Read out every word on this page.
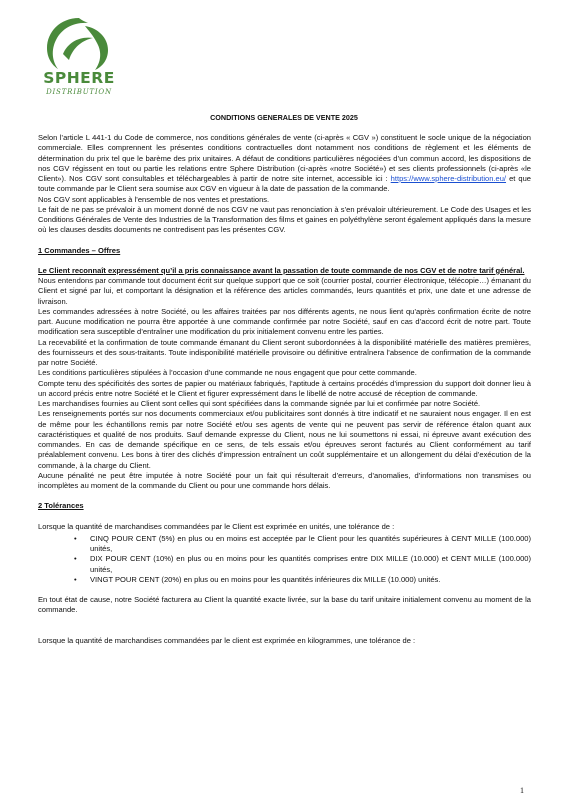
SPHERE
DISTRIBUTION
CONDITIONS GENERALES DE VENTE 2025

Selon l’article L 441-1 du Code de commerce, nos conditions générales de vente (ci-après « CGV ») constituent le socle unique de la négociation commerciale. Elles comprennent les présentes conditions contractuelles dont notamment nos conditions de règlement et les éléments de détermination du prix tel que le barème des prix unitaires. A défaut de conditions particulières négociées d’un commun accord, les dispositions de nos CGV régissent en tout ou partie les relations entre Sphere Distribution (ci-après «notre Société») et ses clients professionnels (ci-après «le Client»). Nos CGV sont consultables et téléchargeables à partir de notre site internet, accessible ici : https://www.sphere-distribution.eu/ et que toute commande par le Client sera soumise aux CGV en vigueur à la date de passation de la commande.

Nos CGV sont applicables à l’ensemble de nos ventes et prestations.

Le fait de ne pas se prévaloir à un moment donné de nos CGV ne vaut pas renonciation à s’en prévaloir ultérieurement. Le Code des Usages et les Conditions Générales de Vente des Industries de la Transformation des films et gaines en polyéthylène seront également appliqués dans la mesure où les clauses desdits documents ne contredisent pas les présentes CGV.

1 Commandes – Offres

Le Client reconnaît expressément qu’il a pris connaissance avant la passation de toute commande de nos CGV et de notre tarif général.

Nous entendons par commande tout document écrit sur quelque support que ce soit (courrier postal, courrier électronique, télécopie…) émanant du Client et signé par lui, et comportant la désignation et la référence des articles commandés, leurs quantités et prix, une date et une adresse de livraison.

Les commandes adressées à notre Société, ou les affaires traitées par nos différents agents, ne nous lient qu’après confirmation écrite de notre part. Aucune modification ne pourra être apportée à une commande confirmée par notre Société, sauf en cas d’accord écrit de notre part. Toute modification sera susceptible d’entraîner une modification du prix initialement convenu entre les parties.

La recevabilité et la confirmation de toute commande émanant du Client seront subordonnées à la disponibilité matérielle des matières premières, des fournisseurs et des sous-traitants. Toute indisponibilité matérielle provisoire ou définitive entraînera l’absence de confirmation de la commande par notre Société.

Les conditions particulières stipulées à l’occasion d’une commande ne nous engagent que pour cette commande.

Compte tenu des spécificités des sortes de papier ou matériaux fabriqués, l’aptitude à certains procédés d’impression du support doit donner lieu à un accord précis entre notre Société et le Client et figurer expressément dans le libellé de notre accusé de réception de commande.

Les marchandises fournies au Client sont celles qui sont spécifiées dans la commande signée par lui et confirmée par notre Société.

Les renseignements portés sur nos documents commerciaux et/ou publicitaires sont donnés à titre indicatif et ne sauraient nous engager. Il en est de même pour les échantillons remis par notre Société et/ou ses agents de vente qui ne peuvent pas servir de référence étalon quant aux caractéristiques et qualité de nos produits. Sauf demande expresse du Client, nous ne lui soumettons ni essai, ni épreuve avant exécution des commandes. En cas de demande spécifique en ce sens, de tels essais et/ou épreuves seront facturés au Client conformément au tarif préalablement convenu. Les bons à tirer des clichés d’impression entraînent un coût supplémentaire et un allongement du délai d’exécution de la commande, à la charge du Client.

Aucune pénalité ne peut être imputée à notre Société pour un fait qui résulterait d’erreurs, d’anomalies, d’informations non transmises ou incomplètes au moment de la commande du Client ou pour une commande hors délais.

2 Tolérances

Lorsque la quantité de marchandises commandées par le Client est exprimée en unités, une tolérance de :

• CINQ POUR CENT (5%) en plus ou en moins est acceptée par le Client pour les quantités supérieures à CENT MILLE (100.000) unités,
• DIX POUR CENT (10%) en plus ou en moins pour les quantités comprises entre DIX MILLE (10.000) et CENT MILLE (100.000) unités,
• VINGT POUR CENT (20%) en plus ou en moins pour les quantités inférieures dix MILLE (10.000) unités.

En tout état de cause, notre Société facturera au Client la quantité exacte livrée, sur la base du tarif unitaire initialement convenu au moment de la commande.

Lorsque la quantité de marchandises commandées par le client est exprimée en kilogrammes, une tolérance de :

1
